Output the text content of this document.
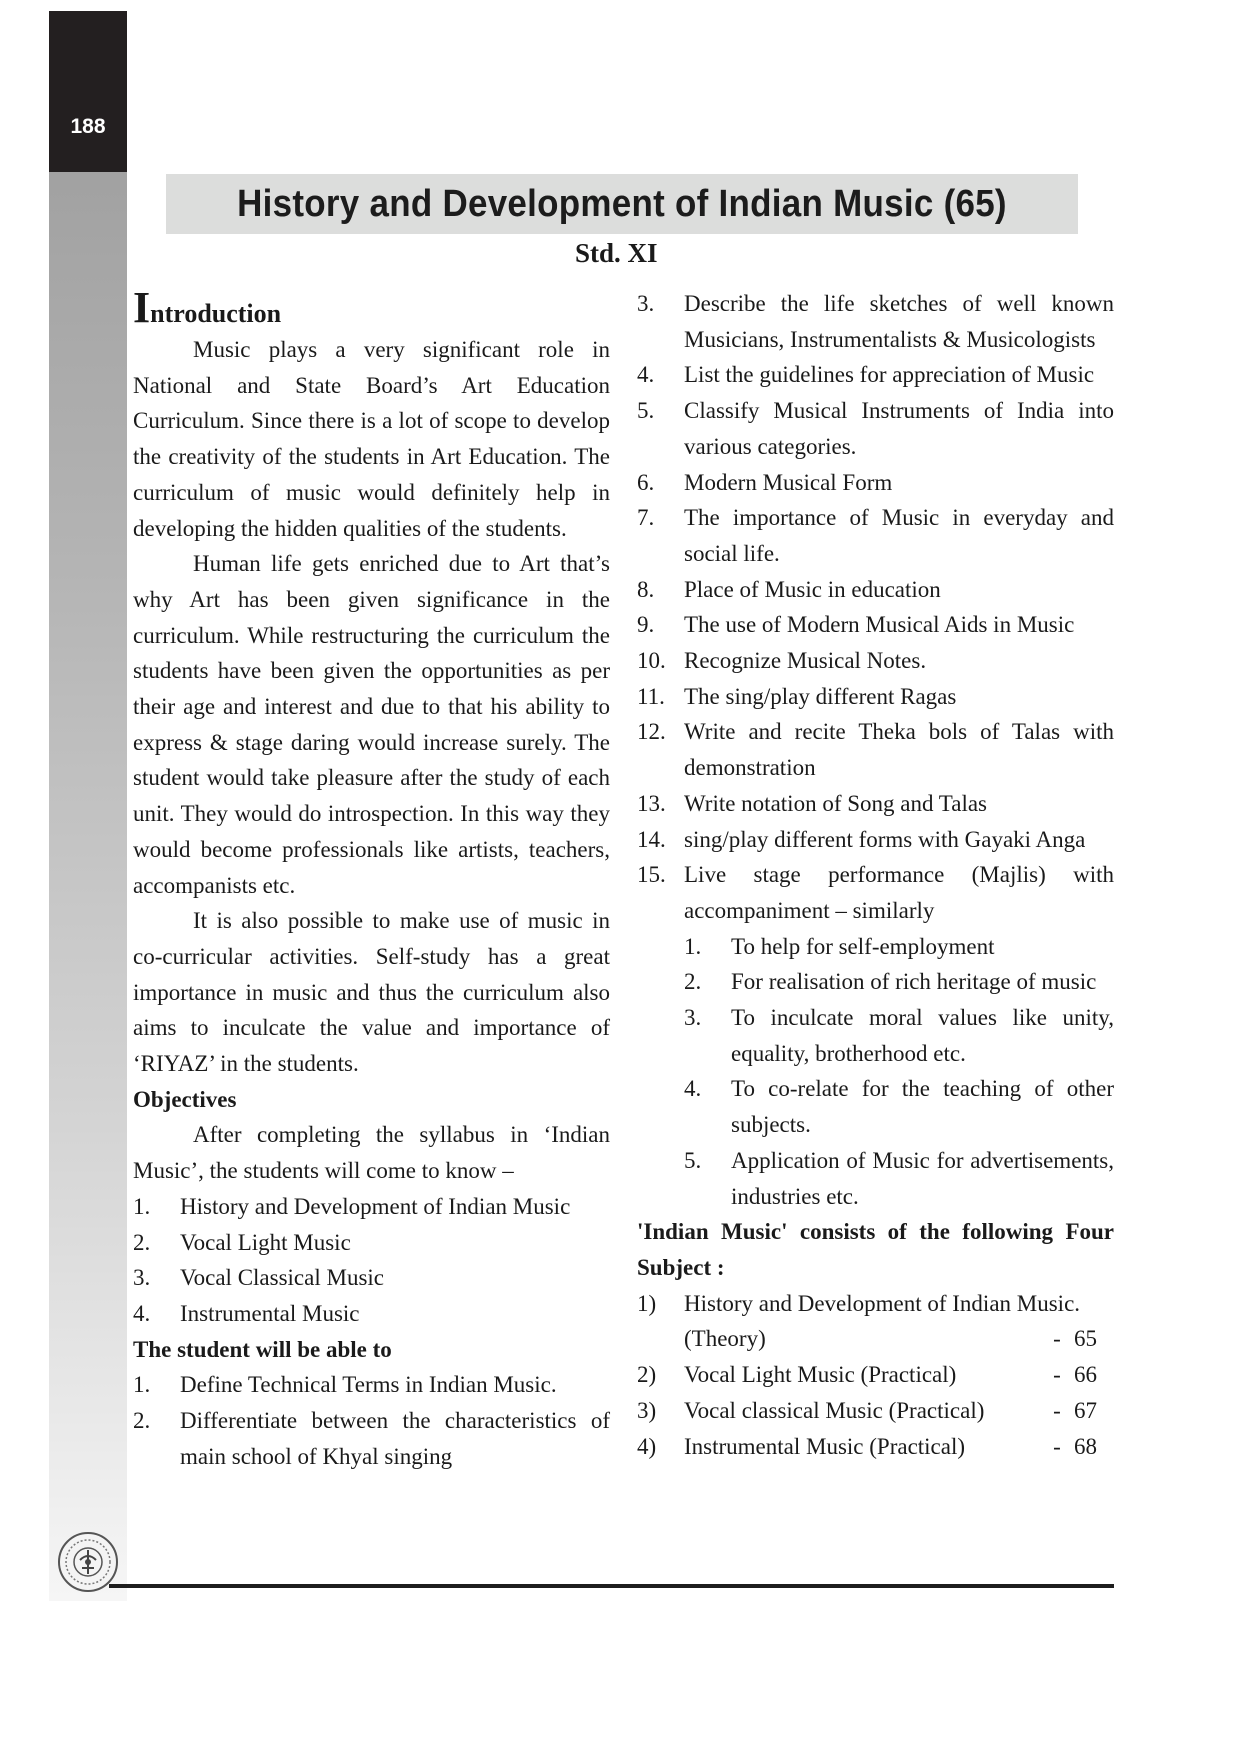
188
History and Development of Indian Music (65)

Std. XI

Introduction

Music plays a very significant role in National and State Board’s Art Education Curriculum. Since there is a lot of scope to develop the creativity of the students in Art Education. The curriculum of music would definitely help in developing the hidden qualities of the students.

Human life gets enriched due to Art that’s why Art has been given significance in the curriculum. While restructuring the curriculum the students have been given the opportunities as per their age and interest and due to that his ability to express & stage daring would increase surely. The student would take pleasure after the study of each unit. They would do introspection. In this way they would become professionals like artists, teachers, accompanists etc.

It is also possible to make use of music in co-curricular activities. Self-study has a great importance in music and thus the curriculum also aims to inculcate the value and importance of ‘RIYAZ’ in the students.

Objectives

After completing the syllabus in ‘Indian Music’, the students will come to know –

1.	History and Development of Indian Music
2.	Vocal Light Music
3.	Vocal Classical Music
4.	Instrumental Music

The student will be able to

1.	Define Technical Terms in Indian Music.
2.	Differentiate between the characteristics of main school of Khyal singing
3.	Describe the life sketches of well known Musicians, Instrumentalists & Musicologists
4.	List the guidelines for appreciation of Music
5.	Classify Musical Instruments of India into various categories.
6.	Modern Musical Form
7.	The importance of Music in everyday and social life.
8.	Place of Music in education
9.	The use of Modern Musical Aids in Music
10. Recognize Musical Notes.
11. The sing/play different Ragas
12. Write and recite Theka bols of Talas with demonstration
13. Write notation of Song and Talas
14. sing/play different forms with Gayaki Anga
15. Live stage performance (Majlis) with accompaniment – similarly
1.	To help for self-employment
2.	For realisation of rich heritage of music
3.	To inculcate moral values like unity, equality, brotherhood etc.
4.	To co-relate for the teaching of other subjects.
5.	Application of Music for advertisements, industries etc.

'Indian Music' consists of the following Four Subject :

1)	History and Development of Indian Music.
(Theory)	- 65
2)	Vocal Light Music (Practical)	- 66
3)	Vocal classical Music (Practical)	- 67
4)	Instrumental Music (Practical)	- 68
